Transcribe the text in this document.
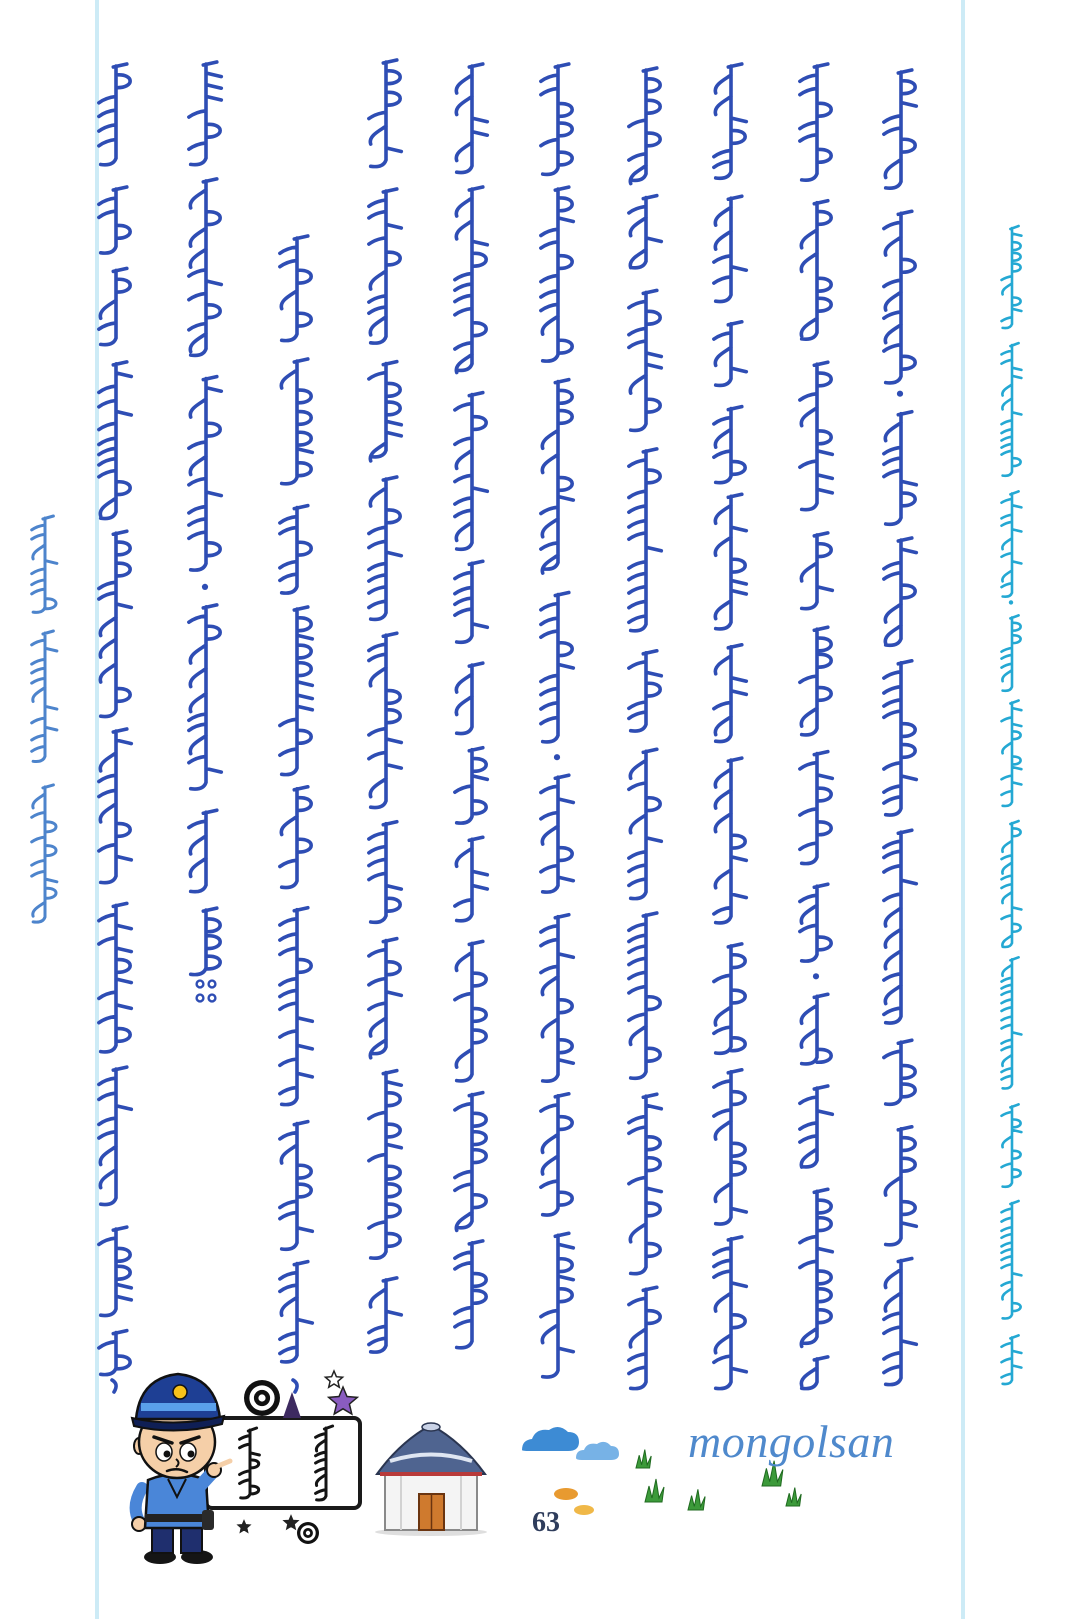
mongolsan
63
